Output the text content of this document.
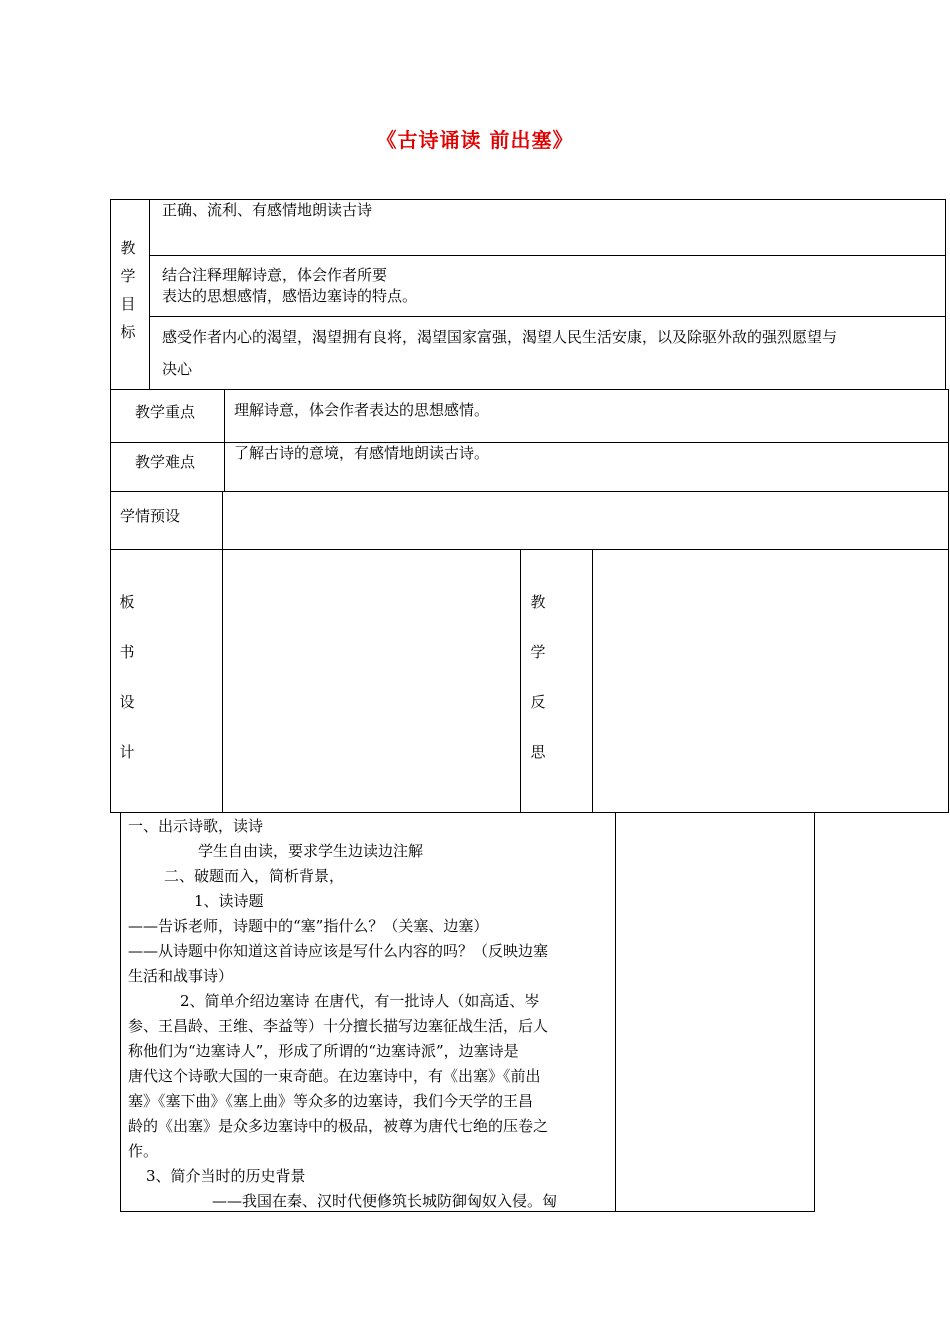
《古诗诵读 前出塞》
教
学
目
标
正确、流利、有感情地朗读古诗
结合注释理解诗意，体会作者所要
表达的思想感情，感悟边塞诗的特点。
感受作者内心的渴望，渴望拥有良将，渴望国家富强，渴望人民生活安康，以及除驱外敌的强烈愿望与
决心
教学重点	理解诗意，体会作者表达的思想感情。
教学难点	了解古诗的意境，有感情地朗读古诗。
学情预设
板
书
设
计
教
学
反
思

一、出示诗歌，读诗

学生自由读，要求学生边读边注解

二、破题而入，简析背景，

1、读诗题

——告诉老师，诗题中的“塞”指什么？（关塞、边塞）

——从诗题中你知道这首诗应该是写什么内容的吗？（反映边塞

生活和战事诗）

2、简单介绍边塞诗 在唐代，有一批诗人（如高适、岑

参、王昌龄、王维、李益等）十分擅长描写边塞征战生活，后人

称他们为“边塞诗人”，形成了所谓的“边塞诗派”，边塞诗是

唐代这个诗歌大国的一束奇葩。在边塞诗中，有《出塞》《前出

塞》《塞下曲》《塞上曲》等众多的边塞诗，我们今天学的王昌

龄的《出塞》是众多边塞诗中的极品，被尊为唐代七绝的压卷之

作。

3、简介当时的历史背景

——我国在秦、汉时代便修筑长城防御匈奴入侵。匈
